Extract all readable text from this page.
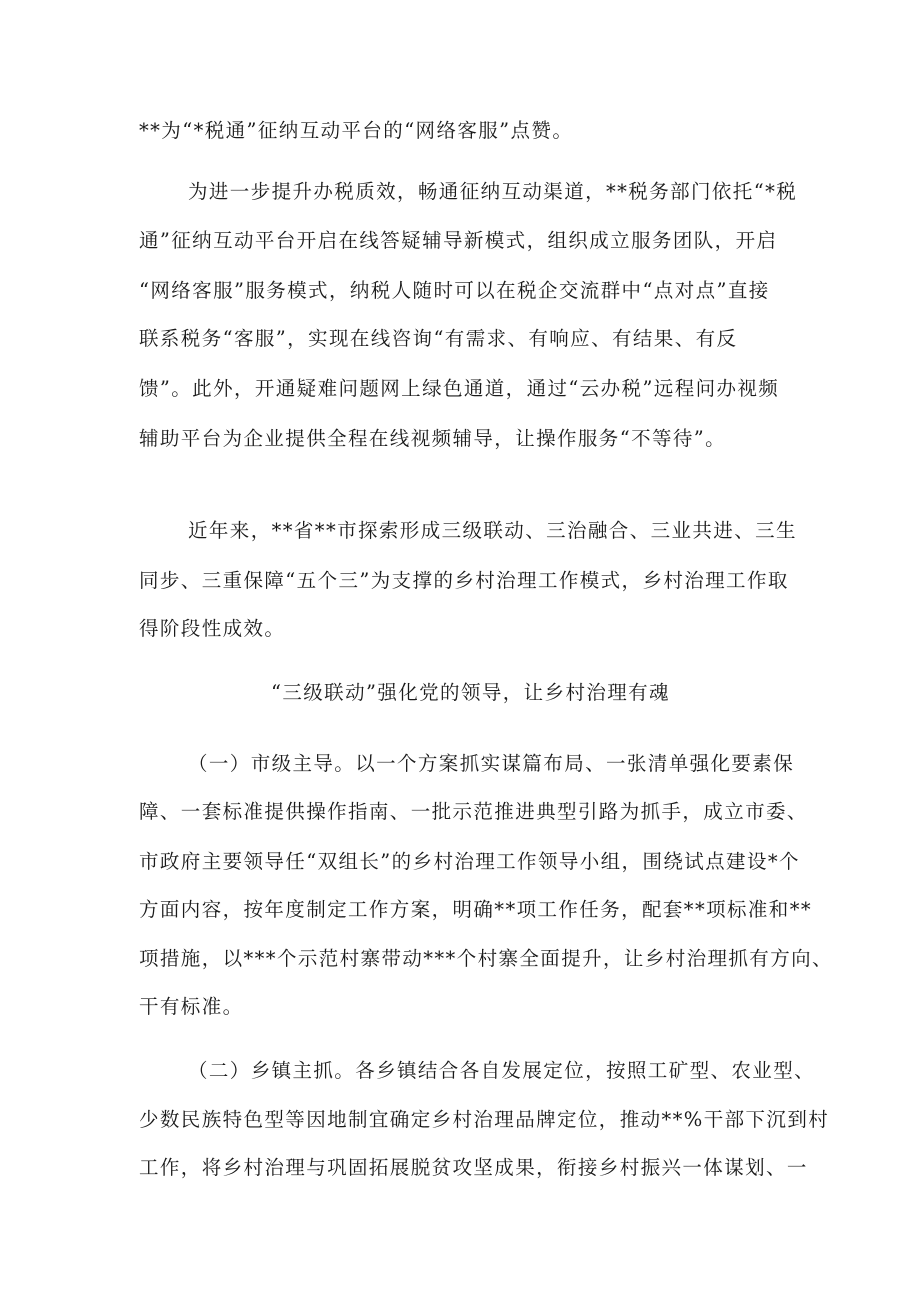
**为“*税通”征纳互动平台的“网络客服”点赞。
为进一步提升办税质效，畅通征纳互动渠道，**税务部门依托“*税
通”征纳互动平台开启在线答疑辅导新模式，组织成立服务团队，开启
“网络客服”服务模式，纳税人随时可以在税企交流群中“点对点”直接
联系税务“客服”，实现在线咨询“有需求、有响应、有结果、有反
馈”。此外，开通疑难问题网上绿色通道，通过“云办税”远程问办视频
辅助平台为企业提供全程在线视频辅导，让操作服务“不等待”。
近年来，**省**市探索形成三级联动、三治融合、三业共进、三生
同步、三重保障“五个三”为支撑的乡村治理工作模式，乡村治理工作取
得阶段性成效。
“三级联动”强化党的领导，让乡村治理有魂
（一）市级主导。以一个方案抓实谋篇布局、一张清单强化要素保
障、一套标准提供操作指南、一批示范推进典型引路为抓手，成立市委、
市政府主要领导任“双组长”的乡村治理工作领导小组，围绕试点建设*个
方面内容，按年度制定工作方案，明确**项工作任务，配套**项标准和**
项措施，以***个示范村寨带动***个村寨全面提升，让乡村治理抓有方向、
干有标准。
（二）乡镇主抓。各乡镇结合各自发展定位，按照工矿型、农业型、
少数民族特色型等因地制宜确定乡村治理品牌定位，推动**%干部下沉到村
工作，将乡村治理与巩固拓展脱贫攻坚成果，衔接乡村振兴一体谋划、一
